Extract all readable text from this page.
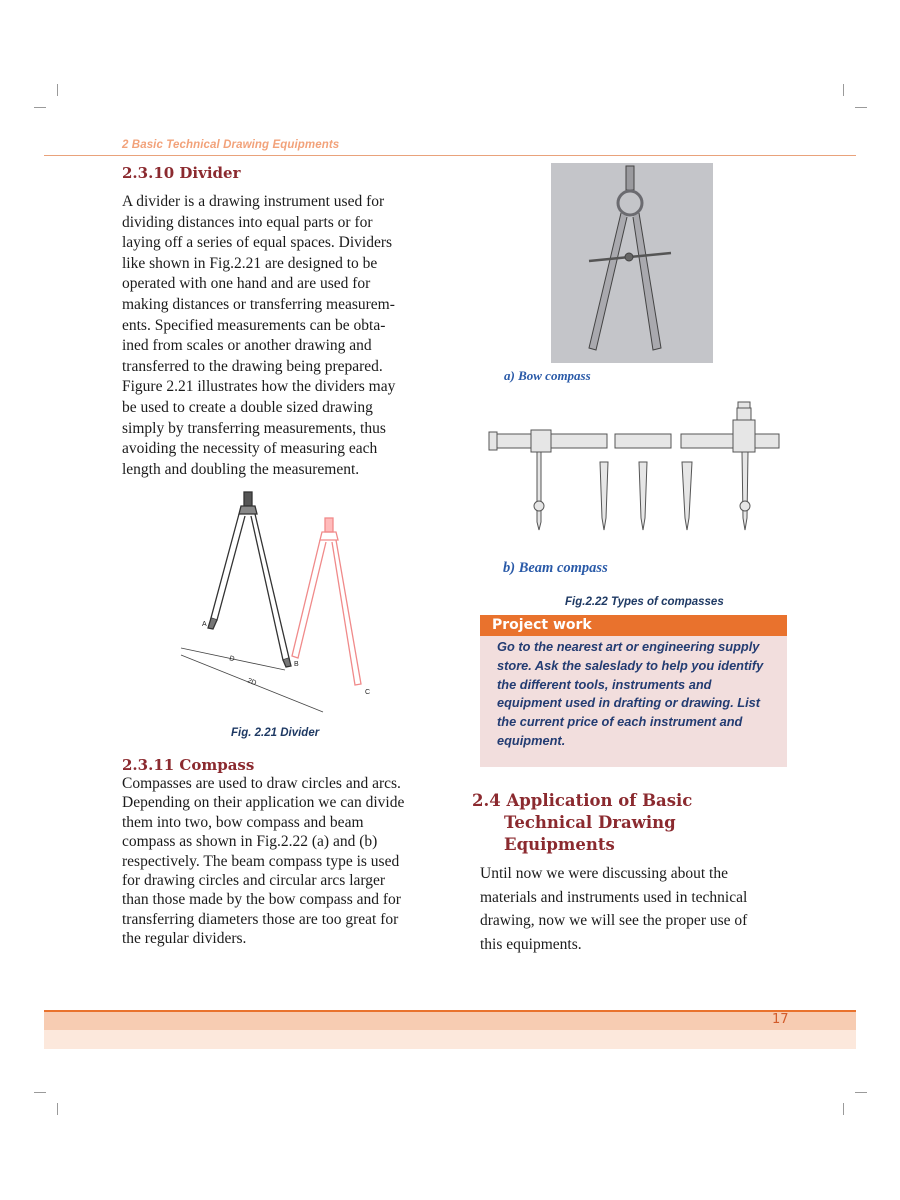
2 Basic Technical Drawing Equipments
2.3.10 Divider
A divider is a drawing instrument used for
dividing distances into equal parts or for
laying off a series of equal spaces. Dividers
like shown in Fig.2.21 are designed to be
operated with one hand and are used for
making distances or transferring measurem-
ents. Specified measurements can be obta-
ined from scales or another drawing and
transferred to the drawing being prepared.
Figure 2.21 illustrates how the dividers may
be used to create a double sized drawing
simply by transferring measurements, thus
avoiding the necessity of measuring each
length and doubling the measurement.
A
B
C
D
2D
Fig. 2.21 Divider
2.3.11 Compass
Compasses are used to draw circles and arcs.
Depending on their application we can divide
them into two, bow compass and beam
compass as shown in Fig.2.22 (a) and (b)
respectively. The beam compass type is used
for drawing circles and circular arcs larger
than those made by the bow compass and for
transferring diameters those are too great for
the regular dividers.
a) Bow compass
b) Beam compass
Fig.2.22 Types of compasses
Project work
Go to the nearest art or engineering supply
store. Ask the saleslady to help you identify
the different tools, instruments and
equipment used in drafting or drawing. List
the current price of each instrument and
equipment.
2.4 Application of Basic
Technical Drawing
Equipments
Until now we were discussing about the
materials and instruments used in technical
drawing, now we will see the proper use of
this equipments.
17
